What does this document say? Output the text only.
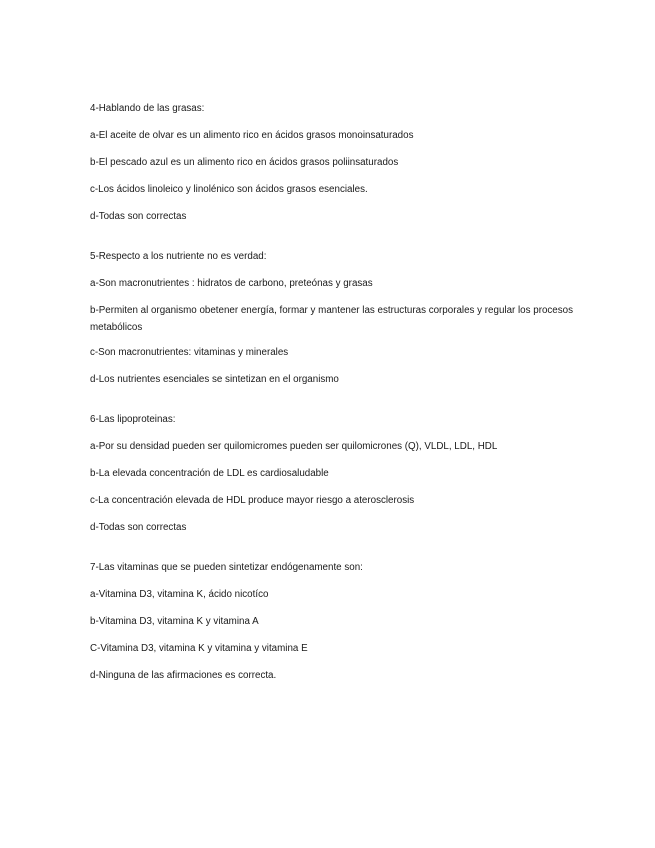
4-Hablando de las grasas:
a-El aceite de olvar es un alimento rico en ácidos grasos monoinsaturados
b-El pescado azul es un alimento rico en ácidos grasos poliinsaturados
c-Los ácidos linoleico y linolénico son ácidos grasos esenciales.
d-Todas son correctas
5-Respecto a los nutriente no es verdad:
a-Son macronutrientes : hidratos de carbono, preteónas y grasas
b-Permiten al organismo obetener energía, formar y mantener las estructuras corporales y regular los procesos metabólicos
c-Son macronutrientes: vitaminas y minerales
d-Los nutrientes esenciales se sintetizan en el organismo
6-Las lipoproteinas:
a-Por su densidad pueden ser quilomicromes pueden ser quilomicrones (Q), VLDL, LDL, HDL
b-La elevada concentración de LDL es cardiosaludable
c-La concentración elevada de HDL produce mayor riesgo a aterosclerosis
d-Todas son correctas
7-Las vitaminas que se pueden sintetizar endógenamente son:
a-Vitamina D3, vitamina K, ácido nicotíco
b-Vitamina D3, vitamina K y vitamina A
C-Vitamina D3, vitamina K y vitamina y vitamina E
d-Ninguna de las afirmaciones es correcta.
